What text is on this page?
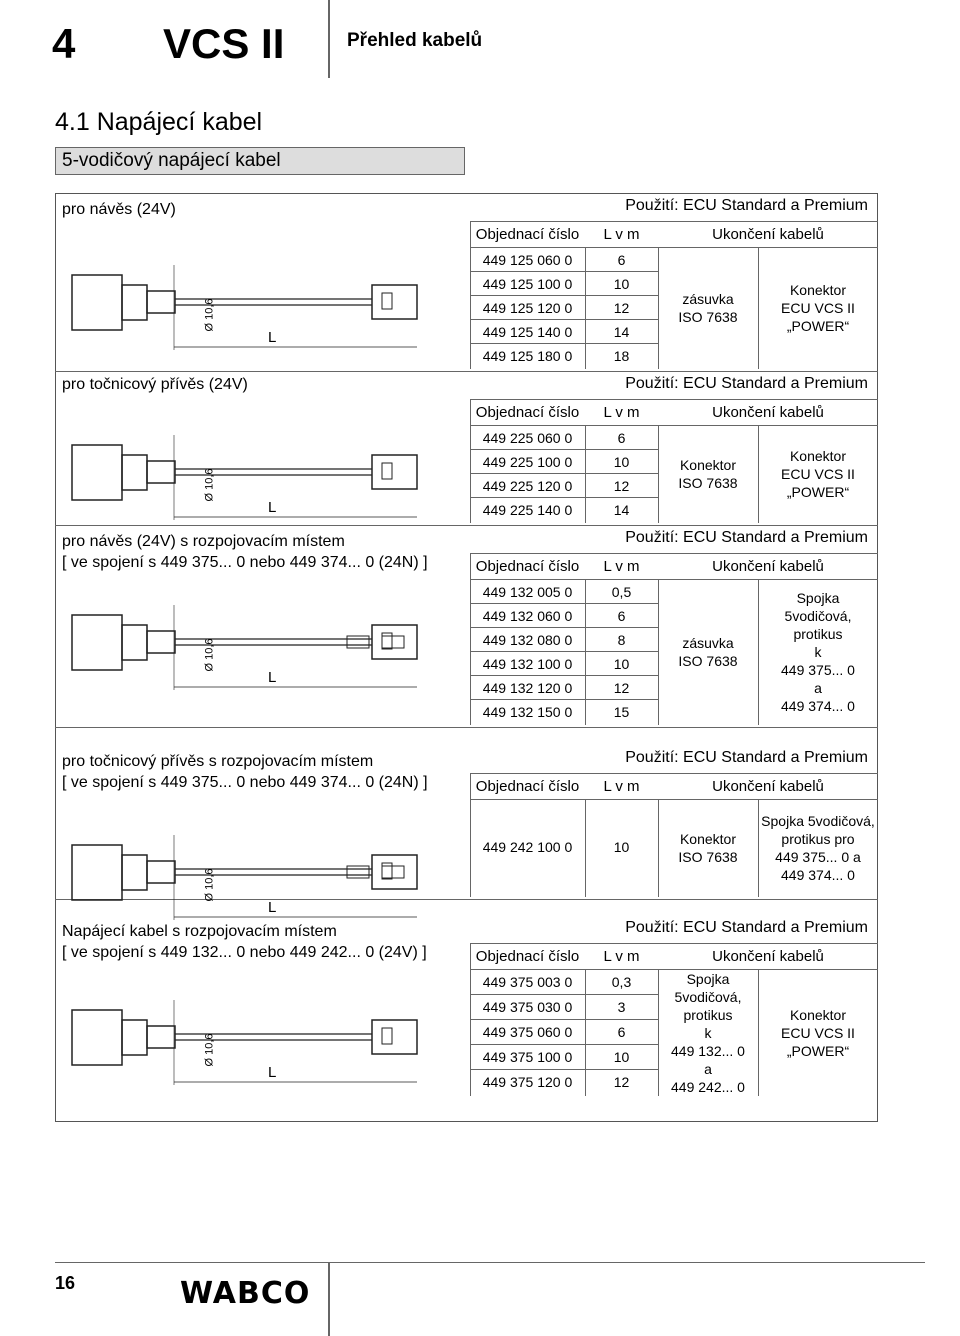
4 VCS II	Přehled kabelů
4.1 Napájecí kabel
5-vodičový napájecí kabel
pro návěs (24V)	Použití: ECU Standard a Premium
Objednací číslo	L v m	Ukončení kabelů
449 125 060 0	6
449 125 100 0	10
449 125 120 0	12
449 125 140 0	14
449 125 180 0	18
zásuvka
ISO 7638
Konektor
ECU VCS II
„POWER“
Ø 10,6
L
pro točnicový přívěs (24V)	Použití: ECU Standard a Premium
Objednací číslo	L v m	Ukončení kabelů
449 225 060 0	6
449 225 100 0	10
449 225 120 0	12
449 225 140 0	14
Konektor
ISO 7638
Konektor
ECU VCS II
„POWER“
Ø 10,6
L
pro návěs (24V) s rozpojovacím místem
[ ve spojení s 449 375... 0 nebo 449 374... 0 (24N) ]
Použití: ECU Standard a Premium
Objednací číslo	L v m	Ukončení kabelů
449 132 005 0	0,5
449 132 060 0	6
449 132 080 0	8
449 132 100 0	10
449 132 120 0	12
449 132 150 0	15
zásuvka
ISO 7638
Spojka
5vodičová,
protikus
k
449 375... 0
a
449 374... 0
Ø 10,6
L
pro točnicový přívěs s rozpojovacím místem
[ ve spojení s 449 375... 0 nebo 449 374... 0 (24N) ]
Použití: ECU Standard a Premium
Objednací číslo	L v m	Ukončení kabelů
449 242 100 0	10	Konektor
ISO 7638
Spojka 5vodičová,
protikus pro
449 375... 0 a
449 374... 0
Ø 10,6
L
Napájecí kabel s rozpojovacím místem
[ ve spojení s 449 132... 0 nebo 449 242... 0 (24V) ]
Použití: ECU Standard a Premium
Objednací číslo	L v m	Ukončení kabelů
449 375 003 0	0,3
449 375 030 0	3
449 375 060 0	6
449 375 100 0	10
449 375 120 0	12
Spojka
5vodičová,
protikus
k
449 132... 0
a
449 242... 0
Konektor
ECU VCS II
„POWER“
Ø 10,6
L
16	WABCO
